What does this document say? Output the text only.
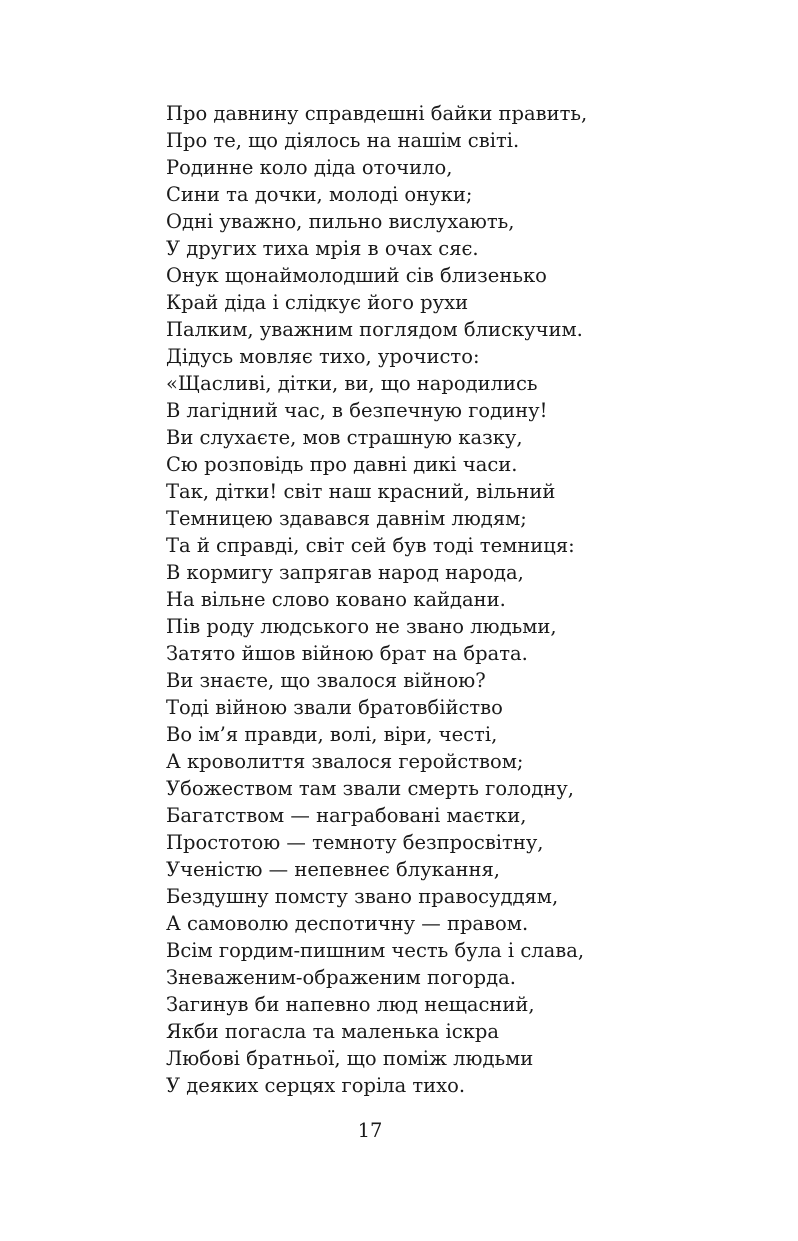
Про давнину справдешні байки править,
Про те, що діялось на нашім світі.
Родинне коло діда оточило,
Сини та дочки, молоді онуки;
Одні уважно, пильно вислухають,
У других тиха мрія в очах сяє.
Онук щонаймолодший сів близенько
Край діда і слідкує його рухи
Палким, уважним поглядом блискучим.
Дідусь мовляє тихо, урочисто:
«Щасливі, дітки, ви, що народились
В лагідний час, в безпечную годину!
Ви слухаєте, мов страшную казку,
Сю розповідь про давні дикі часи.
Так, дітки! світ наш красний, вільний
Темницею здавався давнім людям;
Та й справді, світ сей був тоді темниця:
В кормигу запрягав народ народа,
На вільне слово ковано кайдани.
Пів роду людського не звано людьми,
Затято йшов війною брат на брата.
Ви знаєте, що звалося війною?
Тоді війною звали братовбійство
Во ім’я правди, волі, віри, честі,
А кроволиття звалося геройством;
Убожеством там звали смерть голодну,
Багатством — награбовані маєтки,
Простотою — темноту безпросвітну,
Ученістю — непевнеє блукання,
Бездушну помсту звано правосуддям,
А самоволю деспотичну — правом.
Всім гордим-пишним честь була і слава,
Зневаженим-ображеним погорда.
Загинув би напевно люд нещасний,
Якби погасла та маленька іскра
Любові братньої, що поміж людьми
У деяких серцях горіла тихо.
17
